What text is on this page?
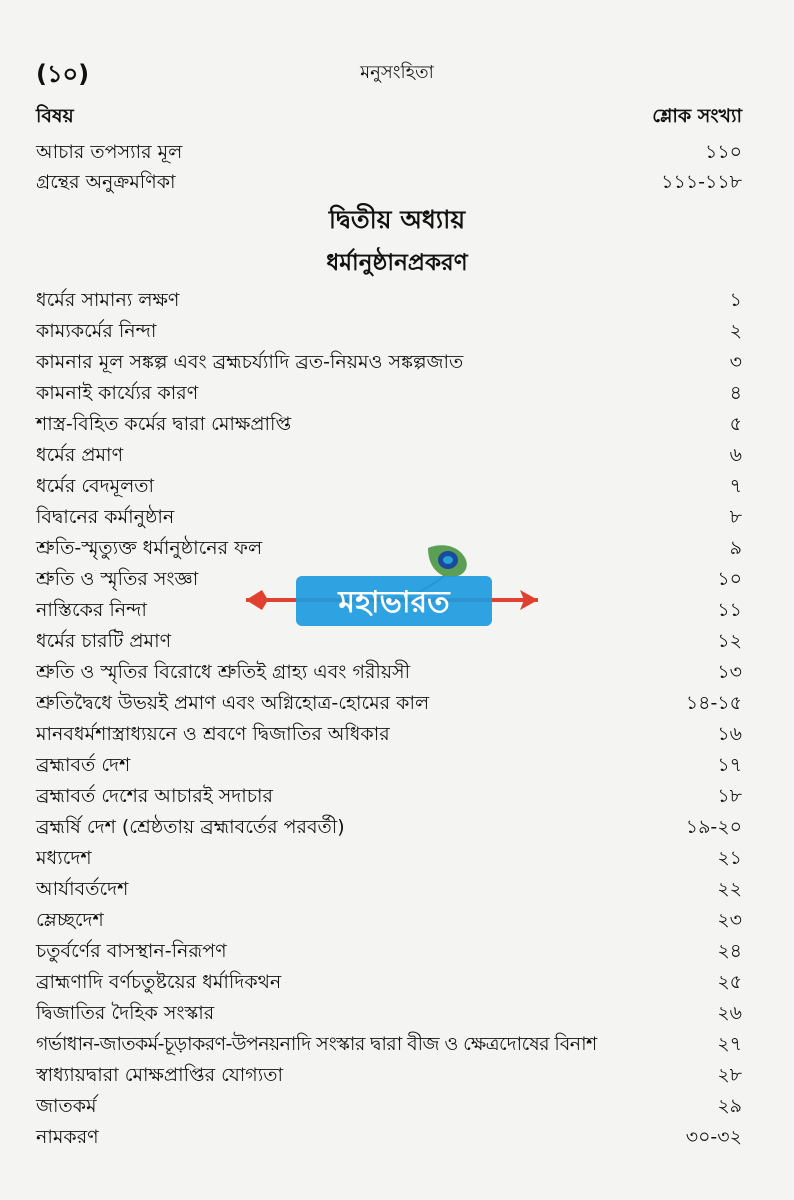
(১০)	মনুসংহিতা
বিষয়	শ্লোক সংখ্যা
আচার তপস্যার মূল	১১০
গ্রন্থের অনুক্রমণিকা	১১১-১১৮
দ্বিতীয় অধ্যায়
ধর্মানুষ্ঠানপ্রকরণ
ধর্মের সামান্য লক্ষণ	১
কাম্যকর্মের নিন্দা	২
কামনার মূল সঙ্কল্প এবং ব্রহ্মচর্য্যাদি ব্রত-নিয়মও সঙ্কল্পজাত	৩
কামনাই কার্য্যের কারণ	৪
শাস্ত্র-বিহিত কর্মের দ্বারা মোক্ষপ্রাপ্তি	৫
ধর্মের প্রমাণ	৬
ধর্মের বেদমূলতা	৭
বিদ্বানের কর্মানুষ্ঠান	৮
শ্রুতি-স্মৃত্যুক্ত ধর্মানুষ্ঠানের ফল	৯
শ্রুতি ও স্মৃতির সংজ্ঞা	১০
নাস্তিকের নিন্দা	১১
ধর্মের চারটি প্রমাণ	১২
শ্রুতি ও স্মৃতির বিরোধে শ্রুতিই গ্রাহ্য এবং গরীয়সী	১৩
শ্রুতিদ্বৈধে উভয়ই প্রমাণ এবং অগ্নিহোত্র-হোমের কাল	১৪-১৫
মানবধর্মশাস্ত্রাধ্যয়নে ও শ্রবণে দ্বিজাতির অধিকার	১৬
ব্রহ্মাবর্ত দেশ	১৭
ব্রহ্মাবর্ত দেশের আচারই সদাচার	১৮
ব্রহ্মর্ষি দেশ (শ্রেষ্ঠতায় ব্রহ্মাবর্তের পরবর্তী)	১৯-২০
মধ্যদেশ	২১
আর্যাবর্তদেশ	২২
ম্লেচ্ছদেশ	২৩
চতুর্বর্ণের বাসস্থান-নিরূপণ	২৪
ব্রাহ্মণাদি বর্ণচতুষ্টয়ের ধর্মাদিকথন	২৫
দ্বিজাতির দৈহিক সংস্কার	২৬
গর্ভাধান-জাতকর্ম-চূড়াকরণ-উপনয়নাদি সংস্কার দ্বারা বীজ ও ক্ষেত্রদোষের বিনাশ	২৭
স্বাধ্যায়দ্বারা মোক্ষপ্রাপ্তির যোগ্যতা	২৮
জাতকর্ম	২৯
নামকরণ	৩০-৩২
মহাভারত
